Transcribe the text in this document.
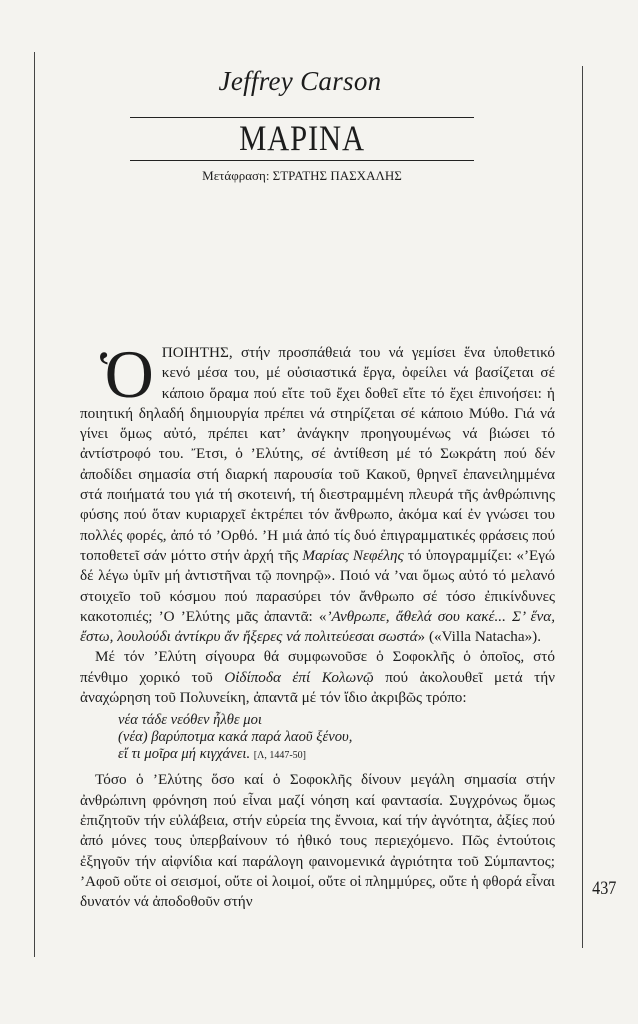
Jeffrey Carson
ΜΑΡΙΝΑ
Μετάφραση: ΣΤΡΑΤΗΣ ΠΑΣΧΑΛΗΣ

ὉΠΟΙΗΤΗΣ, στήν προσπάθειά του νά γεμίσει ἕνα ὑποθετικό κενό μέσα του, μέ οὐσιαστικά ἔργα, ὀφείλει νά βασίζεται σέ κάποιο ὅραμα πού εἴτε τοῦ ἔχει δοθεῖ εἴτε τό ἔχει ἐπινοήσει: ἡ ποιητική δηλαδή δημιουργία πρέπει νά στηρίζεται σέ κάποιο Μύθο. Γιά νά γίνει ὅμως αὐτό, πρέπει κατ’ ἀνάγκην προηγουμένως νά βιώσει τό ἀντίστροφό του. Ἔτσι, ὁ ’Ελύτης, σέ ἀντίθεση μέ τό Σωκράτη πού δέν ἀποδίδει σημασία στή διαρκή παρουσία τοῦ Κακοῦ, θρηνεῖ ἐπανειλημμένα στά ποιήματά του γιά τή σκοτεινή, τή διεστραμμένη πλευρά τῆς ἀνθρώπινης φύσης πού ὅταν κυριαρχεῖ ἐκτρέπει τόν ἄνθρωπο, ἀκόμα καί ἐν γνώσει του πολλές φορές, ἀπό τό ’Ορθό. ’Η μιά ἀπό τίς δυό ἐπιγραμματικές φράσεις πού τοποθετεῖ σάν μόττο στήν ἀρχή τῆς Μαρίας Νεφέλης τό ὑπογραμμίζει: «’Εγώ δέ λέγω ὑμῖν μή ἀντιστῆναι τῷ πονηρῷ». Ποιό νά ’ναι ὅμως αὐτό τό μελανό στοιχεῖο τοῦ κόσμου πού παρασύρει τόν ἄνθρωπο σέ τόσο ἐπικίνδυνες κακοτοπιές; ’Ο ’Ελύτης μᾶς ἀπαντᾶ: «’Ανθρωπε, ἄθελά σου κακέ... Σ’ ἕνα, ἔστω, λουλούδι ἀντίκρυ ἄν ἤξερες νά πολιτεύεσαι σωστά» («Villa Natacha»).

Μέ τόν ’Ελύτη σίγουρα θά συμφωνοῦσε ὁ Σοφοκλῆς ὁ ὁποῖος, στό πένθιμο χορικό τοῦ Οἰδίποδα ἐπί Κολωνῷ πού ἀκολουθεῖ μετά τήν ἀναχώρηση τοῦ Πολυνείκη, ἀπαντᾶ μέ τόν ἴδιο ἀκριβῶς τρόπο:

νέα τάδε νεόθεν ἦλθε μοι
(νέα) βαρύποτμα κακά παρά λαοῦ ξένου,
εἴ τι μοῖρα μή κιγχάνει. [Λ, 1447-50]

Τόσο ὁ ’Ελύτης ὅσο καί ὁ Σοφοκλῆς δίνουν μεγάλη σημασία στήν ἀνθρώπινη φρόνηση πού εἶναι μαζί νόηση καί φαντασία. Συγχρόνως ὅμως ἐπιζητοῦν τήν εὐλάβεια, στήν εὐρεία της ἔννοια, καί τήν ἀγνότητα, ἀξίες πού ἀπό μόνες τους ὑπερβαίνουν τό ἠθικό τους περιεχόμενο. Πῶς ἐντούτοις ἐξηγοῦν τήν αἰφνίδια καί παράλογη φαινομενικά ἀγριότητα τοῦ Σύμπαντος; ’Αφοῦ οὔτε οἱ σεισμοί, οὔτε οἱ λοιμοί, οὔτε οἱ πλημμύρες, οὔτε ἡ φθορά εἶναι δυνατόν νά ἀποδοθοῦν στήν

437
